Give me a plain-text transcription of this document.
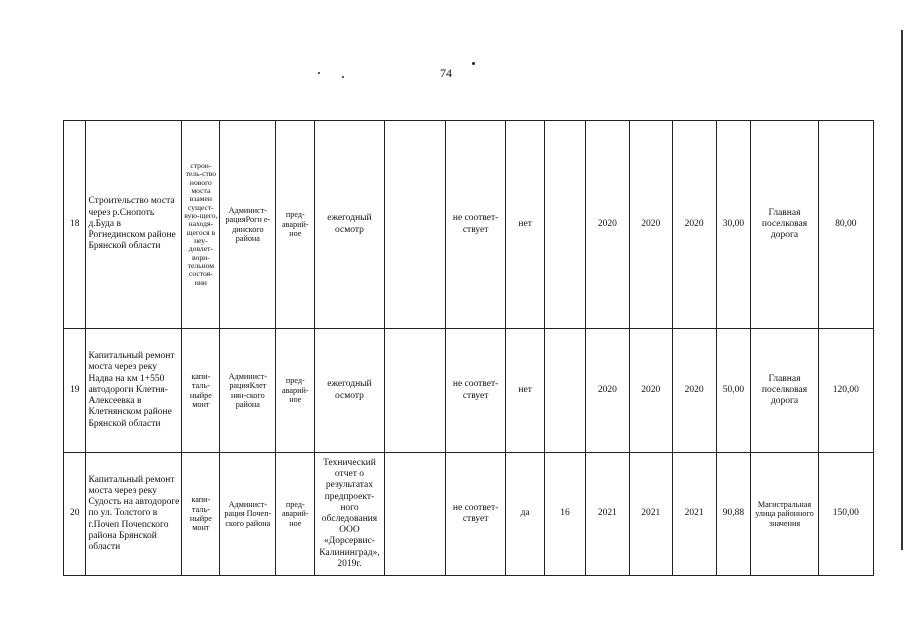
74
18	Строительство моста через р.Снопоть д.Буда в Рогнединском районе Брянской области	строи-тель-ство нового моста взамен сущест-вую-щего, находя-щегося в неу-довлет-вори-тельном состоя-нии	Админист-рацияРогн е-динского района	пред-аварий-ное	ежегодный осмотр		не соответ-ствует	нет		2020	2020	2020	30,00	Главная поселковая дорога	80,00
19	Капитальный ремонт моста через реку Надва на км 1+550 автодороги Клетня-Алексеевка в Клетнянском районе Брянской области	капи-таль-ныйре монт	Админист-рацияКлет нян-ского района	пред-аварий-ное	ежегодный осмотр		не соответ-ствует	нет		2020	2020	2020	50,00	Главная поселковая дорога	120,00
20	Капитальный ремонт моста через реку Судость на автодороге по ул. Толстого в г.Почеп Почепского района Брянской области	капи-таль-ныйре монт	Админист-рация Почеп-ского района	пред-аварий-ное	Технический отчет о результатах предпроект-ного обследования ООО «Дорсервис-Калининград», 2019г.		не соответ-ствует	да	16	2021	2021	2021	90,88	Магистральная улица районного значения	150,00
